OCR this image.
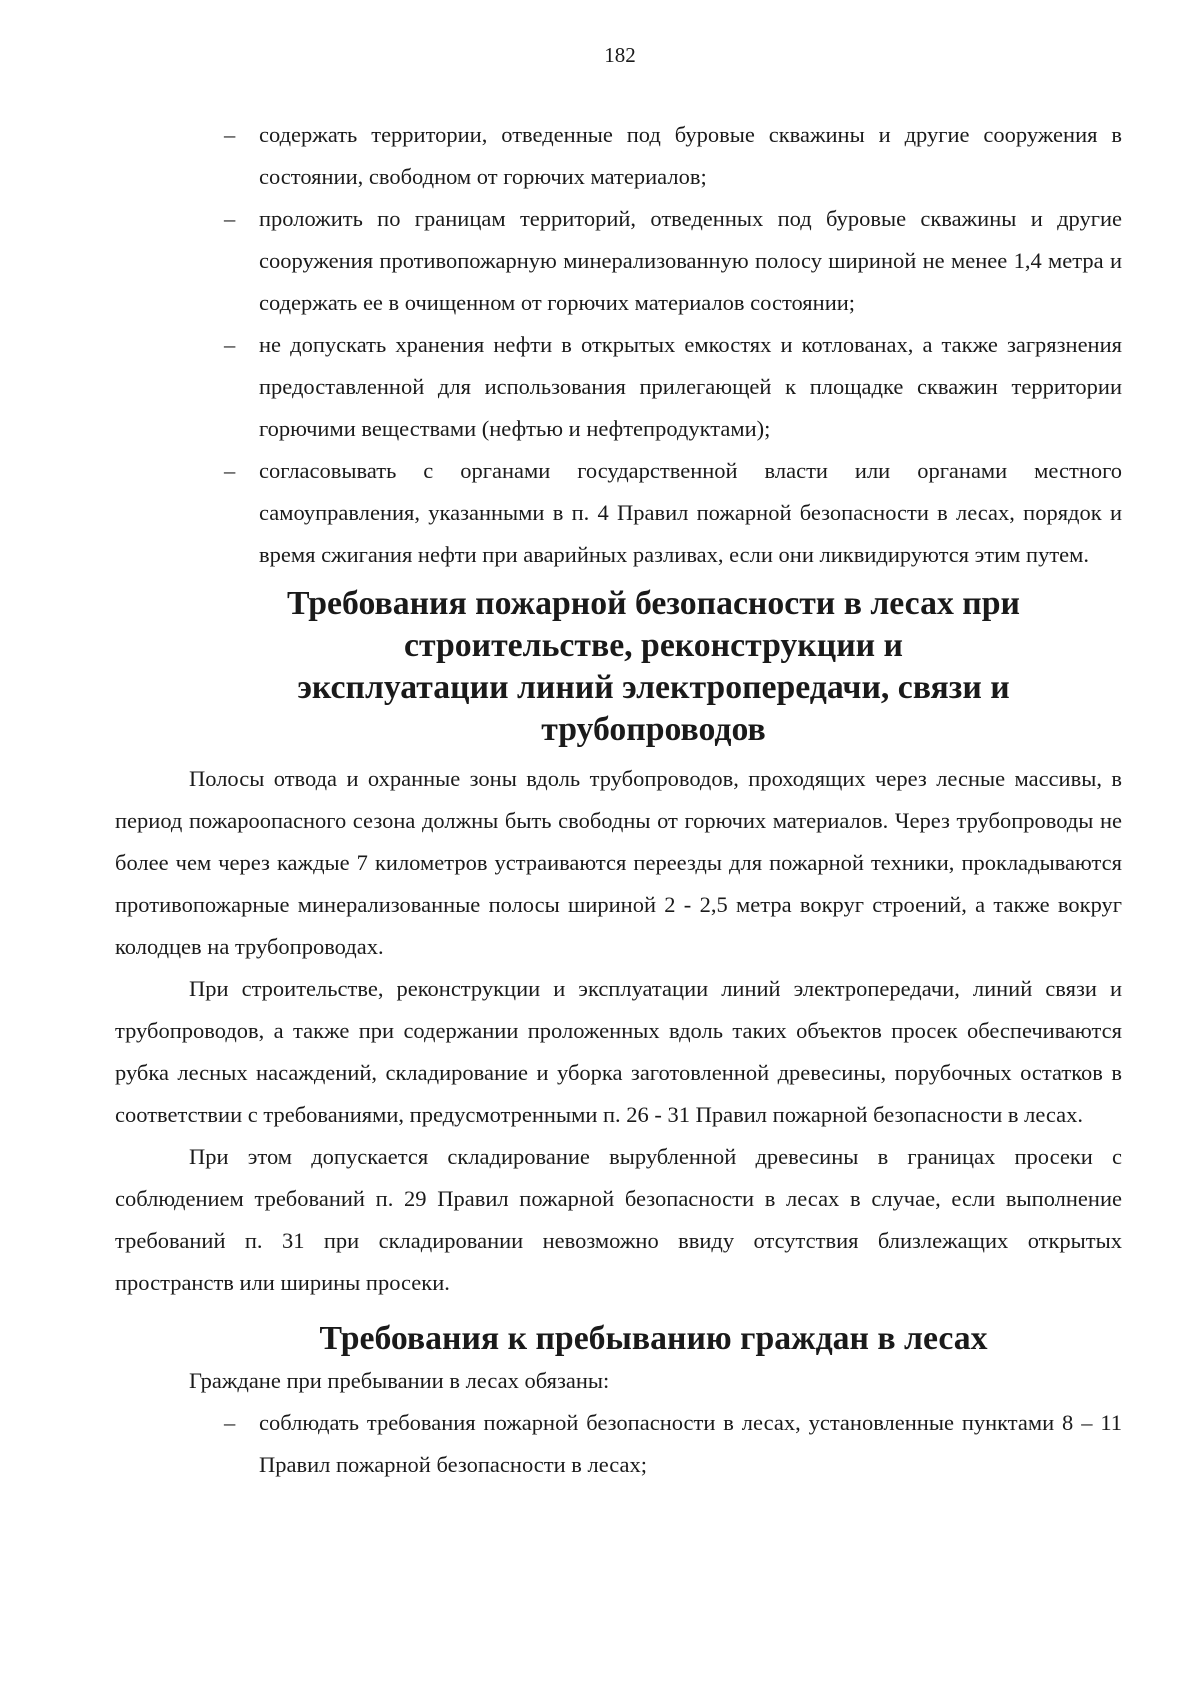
182
– содержать территории, отведенные под буровые скважины и другие сооружения в состоянии, свободном от горючих материалов;
– проложить по границам территорий, отведенных под буровые скважины и другие сооружения противопожарную минерализованную полосу шириной не менее 1,4 метра и содержать ее в очищенном от горючих материалов состоянии;
– не допускать хранения нефти в открытых емкостях и котлованах, а также загрязнения предоставленной для использования прилегающей к площадке скважин территории горючими веществами (нефтью и нефтепродуктами);
– согласовывать с органами государственной власти или органами местного самоуправления, указанными в п. 4 Правил пожарной безопасности в лесах, порядок и время сжигания нефти при аварийных разливах, если они ликвидируются этим путем.
Требования пожарной безопасности в лесах при строительстве, реконструкции и
эксплуатации линий электропередачи, связи и трубопроводов

Полосы отвода и охранные зоны вдоль трубопроводов, проходящих через лесные массивы, в период пожароопасного сезона должны быть свободны от горючих материалов. Через трубопроводы не более чем через каждые 7 километров устраиваются переезды для пожарной техники, прокладываются противопожарные минерализованные полосы шириной 2 - 2,5 метра вокруг строений, а также вокруг колодцев на трубопроводах.

При строительстве, реконструкции и эксплуатации линий электропередачи, линий связи и трубопроводов, а также при содержании проложенных вдоль таких объектов просек обеспечиваются рубка лесных насаждений, складирование и уборка заготовленной древесины, порубочных остатков в соответствии с требованиями, предусмотренными п. 26 - 31 Правил пожарной безопасности в лесах.

При этом допускается складирование вырубленной древесины в границах просеки с соблюдением требований п. 29 Правил пожарной безопасности в лесах в случае, если выполнение требований п. 31 при складировании невозможно ввиду отсутствия близлежащих открытых пространств или ширины просеки.

Требования к пребыванию граждан в лесах

Граждане при пребывании в лесах обязаны:

– соблюдать требования пожарной безопасности в лесах, установленные пунктами 8 – 11 Правил пожарной безопасности в лесах;
